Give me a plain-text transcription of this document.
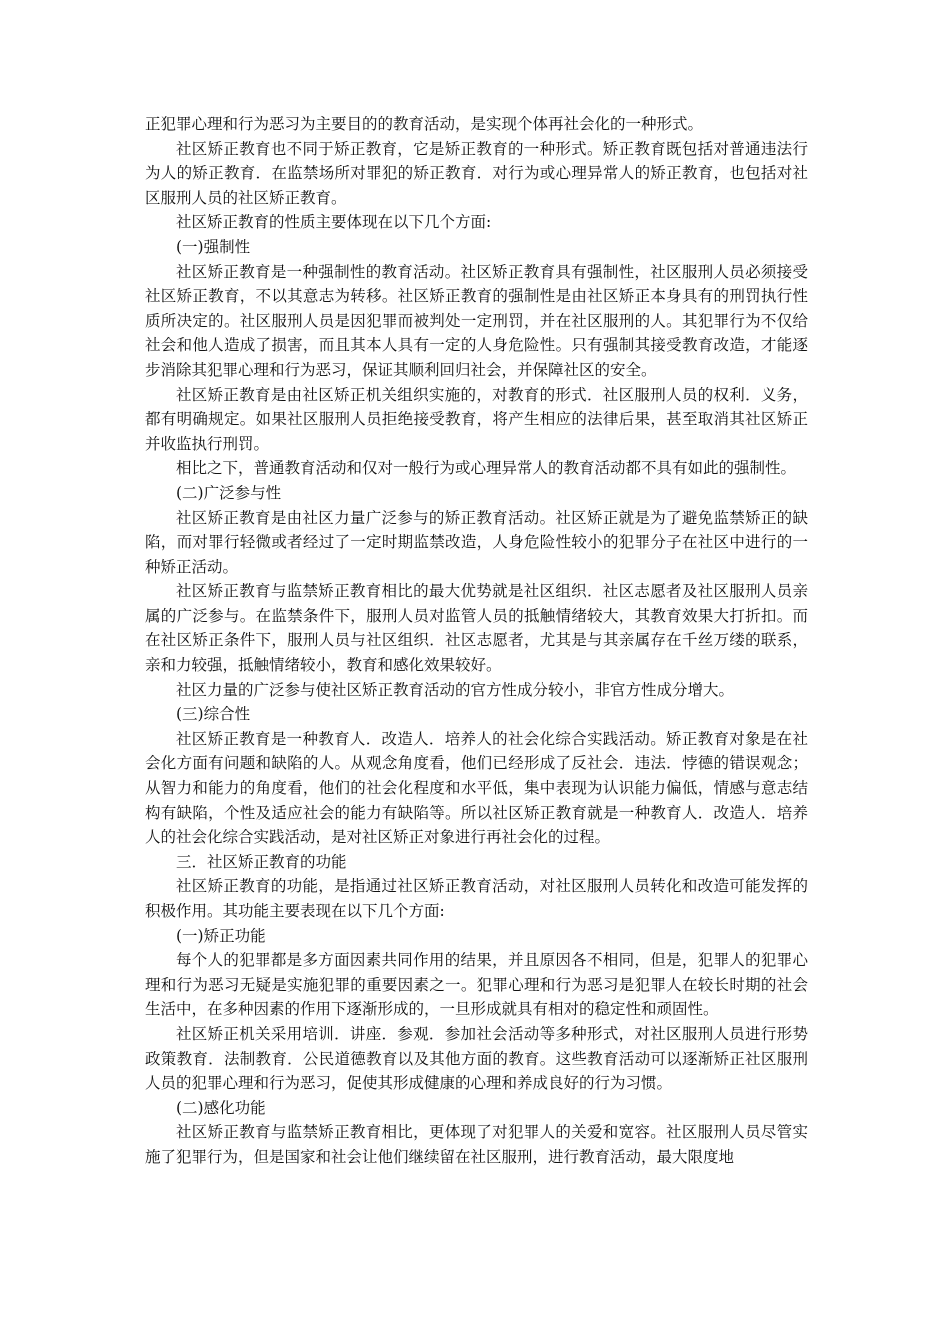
正犯罪心理和行为恶习为主要目的的教育活动，是实现个体再社会化的一种形式。

社区矫正教育也不同于矫正教育，它是矫正教育的一种形式。矫正教育既包括对普通违法行为人的矫正教育．在监禁场所对罪犯的矫正教育．对行为或心理异常人的矫正教育，也包括对社区服刑人员的社区矫正教育。

社区矫正教育的性质主要体现在以下几个方面:

(一)强制性

社区矫正教育是一种强制性的教育活动。社区矫正教育具有强制性，社区服刑人员必须接受社区矫正教育，不以其意志为转移。社区矫正教育的强制性是由社区矫正本身具有的刑罚执行性质所决定的。社区服刑人员是因犯罪而被判处一定刑罚，并在社区服刑的人。其犯罪行为不仅给社会和他人造成了损害，而且其本人具有一定的人身危险性。只有强制其接受教育改造，才能逐步消除其犯罪心理和行为恶习，保证其顺利回归社会，并保障社区的安全。

社区矫正教育是由社区矫正机关组织实施的，对教育的形式．社区服刑人员的权利．义务，都有明确规定。如果社区服刑人员拒绝接受教育，将产生相应的法律后果，甚至取消其社区矫正并收监执行刑罚。

相比之下，普通教育活动和仅对一般行为或心理异常人的教育活动都不具有如此的强制性。

(二)广泛参与性

社区矫正教育是由社区力量广泛参与的矫正教育活动。社区矫正就是为了避免监禁矫正的缺陷，而对罪行轻微或者经过了一定时期监禁改造，人身危险性较小的犯罪分子在社区中进行的一种矫正活动。

社区矫正教育与监禁矫正教育相比的最大优势就是社区组织．社区志愿者及社区服刑人员亲属的广泛参与。在监禁条件下，服刑人员对监管人员的抵触情绪较大，其教育效果大打折扣。而在社区矫正条件下，服刑人员与社区组织．社区志愿者，尤其是与其亲属存在千丝万缕的联系，亲和力较强，抵触情绪较小，教育和感化效果较好。

社区力量的广泛参与使社区矫正教育活动的官方性成分较小，非官方性成分增大。

(三)综合性

社区矫正教育是一种教育人．改造人．培养人的社会化综合实践活动。矫正教育对象是在社会化方面有问题和缺陷的人。从观念角度看，他们已经形成了反社会．违法．悖德的错误观念；从智力和能力的角度看，他们的社会化程度和水平低，集中表现为认识能力偏低，情感与意志结构有缺陷，个性及适应社会的能力有缺陷等。所以社区矫正教育就是一种教育人．改造人．培养人的社会化综合实践活动，是对社区矫正对象进行再社会化的过程。

三．社区矫正教育的功能

社区矫正教育的功能，是指通过社区矫正教育活动，对社区服刑人员转化和改造可能发挥的积极作用。其功能主要表现在以下几个方面:

(一)矫正功能

每个人的犯罪都是多方面因素共同作用的结果，并且原因各不相同，但是，犯罪人的犯罪心理和行为恶习无疑是实施犯罪的重要因素之一。犯罪心理和行为恶习是犯罪人在较长时期的社会生活中，在多种因素的作用下逐渐形成的，一旦形成就具有相对的稳定性和顽固性。

社区矫正机关采用培训．讲座．参观．参加社会活动等多种形式，对社区服刑人员进行形势政策教育．法制教育．公民道德教育以及其他方面的教育。这些教育活动可以逐渐矫正社区服刑人员的犯罪心理和行为恶习，促使其形成健康的心理和养成良好的行为习惯。

(二)感化功能

社区矫正教育与监禁矫正教育相比，更体现了对犯罪人的关爱和宽容。社区服刑人员尽管实施了犯罪行为，但是国家和社会让他们继续留在社区服刑，进行教育活动，最大限度地
